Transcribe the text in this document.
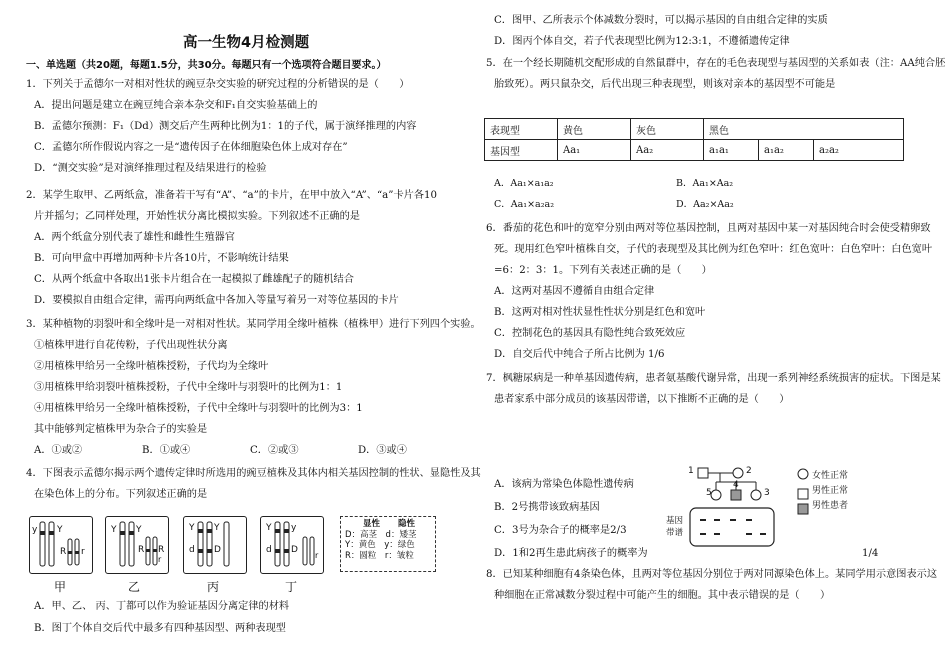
高一生物4月检测题
一、单选题（共20题，每题1.5分，共30分。每题只有一个选项符合题目要求。）
1．下列关于孟德尔一对相对性状的豌豆杂交实验的研究过程的分析错误的是（　　）
A．提出问题是建立在豌豆纯合亲本杂交和F₁自交实验基础上的
B．孟德尔预测：F₁（Dd）测交后产生两种比例为1：1的子代，属于演绎推理的内容
C．孟德尔所作假说内容之一是“遗传因子在体细胞染色体上成对存在”
D．“测交实验”是对演绎推理过程及结果进行的检验
2．某学生取甲、乙两纸盒，准备若干写有“A”、“a”的卡片，在甲中放入“A”、“a”卡片各10
片并摇匀；乙同样处理，开始性状分离比模拟实验。下列叙述不正确的是
A．两个纸盒分别代表了雄性和雌性生殖器官
B．可向甲盒中再增加两种卡片各10片，不影响统计结果
C．从两个纸盒中各取出1张卡片组合在一起模拟了雌雄配子的随机结合
D．要模拟自由组合定律，需再向两纸盒中各加入等量写着另一对等位基因的卡片
3．某种植物的羽裂叶和全缘叶是一对相对性状。某同学用全缘叶植株（植株甲）进行下列四个实验。
①植株甲进行自花传粉，子代出现性状分离
②用植株甲给另一全缘叶植株授粉，子代均为全缘叶
③用植株甲给羽裂叶植株授粉，子代中全缘叶与羽裂叶的比例为1：1
④用植株甲给另一全缘叶植株授粉，子代中全缘叶与羽裂叶的比例为3：1
其中能够判定植株甲为杂合子的实验是
A．①或②	B．①或④	C．②或③	D．③或④
4．下图表示孟德尔揭示两个遗传定律时所选用的豌豆植株及其体内相关基因控制的性状、显隐性及其
在染色体上的分布。下列叙述正确的是
y Y
R r
Y Y
R R
r
Y Y
d D
Y y
d D
r
显性 隐性
D：高茎　d：矮茎
Y：黄色　y：绿色
R：圆粒　r：皱粒
甲	乙	丙	丁
A．甲、乙、 丙、丁都可以作为验证基因分离定律的材料
B．图丁个体自交后代中最多有四种基因型、两种表现型
C．图甲、乙所表示个体减数分裂时，可以揭示基因的自由组合定律的实质
D．图丙个体自交，若子代表现型比例为12:3:1，不遵循遗传定律
5．在一个经长期随机交配形成的自然鼠群中，存在的毛色表现型与基因型的关系如表（注：AA纯合胚
胎致死）。两只鼠杂交，后代出现三种表现型，则该对亲本的基因型不可能是
表现型	黄色	灰色	黑色		
基因型	Aa₁	Aa₂	a₁a₁	a₁a₂	a₂a₂
A．Aa₁×a₁a₂	B．Aa₁×Aa₂
C．Aa₁×a₂a₂	D．Aa₂×Aa₂
6．番茄的花色和叶的宽窄分别由两对等位基因控制，且两对基因中某一对基因纯合时会使受精卵致
死。现用红色窄叶植株自交，子代的表现型及其比例为红色窄叶：红色宽叶：白色窄叶：白色宽叶
=6：2：3：1。下列有关表述正确的是（　　）
A．这两对基因不遵循自由组合定律
B．这两对相对性状显性性状分别是红色和宽叶
C．控制花色的基因具有隐性纯合致死效应
D．自交后代中纯合子所占比例为 1/6
7．枫糖尿病是一种单基因遗传病，患者氨基酸代谢异常，出现一系列神经系统损害的症状。下图是某
患者家系中部分成员的该基因带谱，以下推断不正确的是（　　）
A．该病为常染色体隐性遗传病
B．2号携带该致病基因
C．3号为杂合子的概率是2/3
D．1和2再生患此病孩子的概率为	1/4
1	2
5
4
3
基因
带谱
女性正常
男性正常
男性患者
8．已知某种细胞有4条染色体，且两对等位基因分别位于两对同源染色体上。某同学用示意图表示这
种细胞在正常减数分裂过程中可能产生的细胞。其中表示错误的是（　　）
